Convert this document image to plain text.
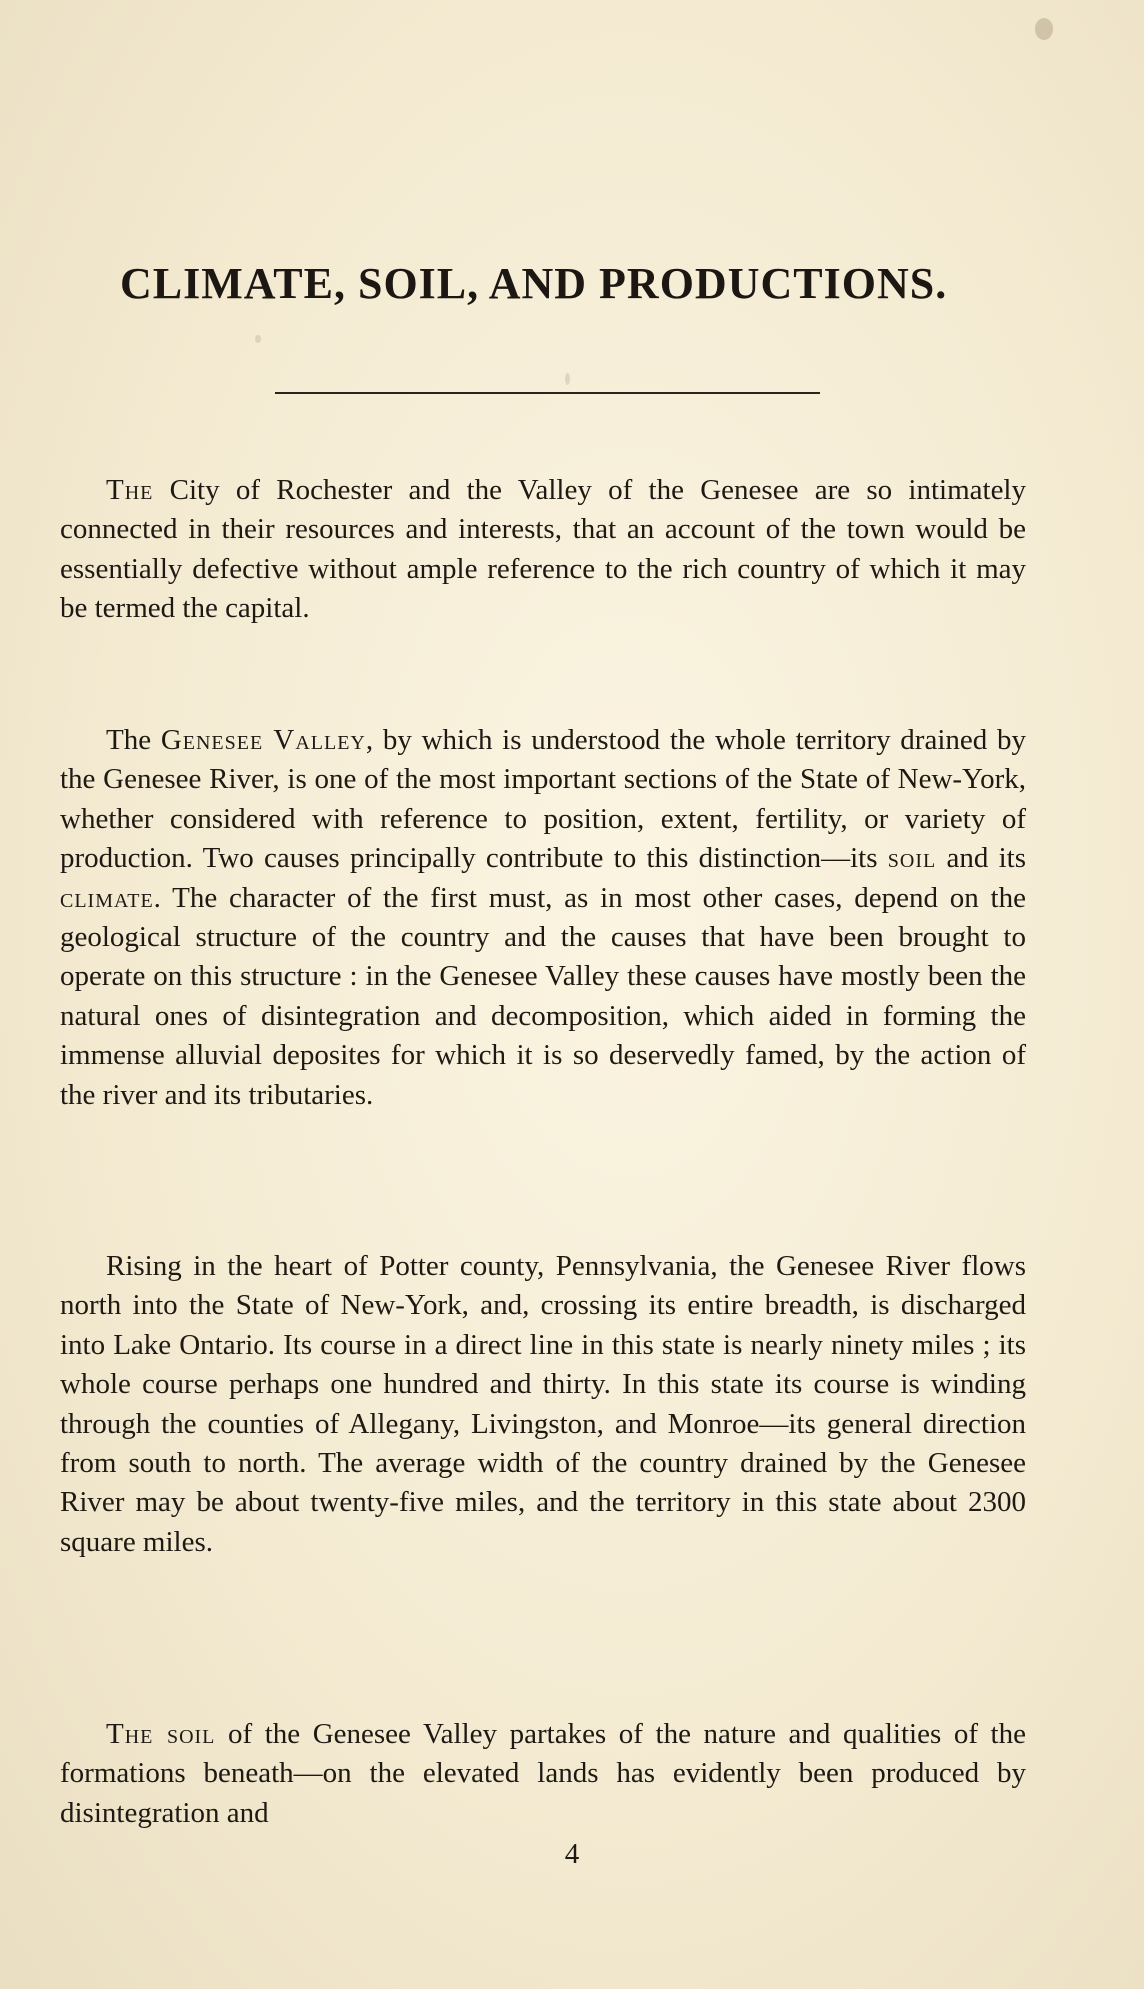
CLIMATE, SOIL, AND PRODUCTIONS.

The City of Rochester and the Valley of the Genesee are so intimately connected in their resources and interests, that an account of the town would be essentially defective without ample reference to the rich country of which it may be termed the capital.

The Genesee Valley, by which is understood the whole territory drained by the Genesee River, is one of the most important sections of the State of New-York, whether considered with reference to position, extent, fertility, or variety of production. Two causes principally contribute to this distinction—its soil and its climate. The character of the first must, as in most other cases, depend on the geological structure of the country and the causes that have been brought to operate on this structure : in the Genesee Valley these causes have mostly been the natural ones of disintegration and decomposition, which aided in forming the immense alluvial deposites for which it is so deservedly famed, by the action of the river and its tributaries.

Rising in the heart of Potter county, Pennsylvania, the Genesee River flows north into the State of New-York, and, crossing its entire breadth, is discharged into Lake Ontario. Its course in a direct line in this state is nearly ninety miles ; its whole course perhaps one hundred and thirty. In this state its course is winding through the counties of Allegany, Livingston, and Monroe—its general direction from south to north. The average width of the country drained by the Genesee River may be about twenty-five miles, and the territory in this state about 2300 square miles.

The soil of the Genesee Valley partakes of the nature and qualities of the formations beneath—on the elevated lands has evidently been produced by disintegration and

4
